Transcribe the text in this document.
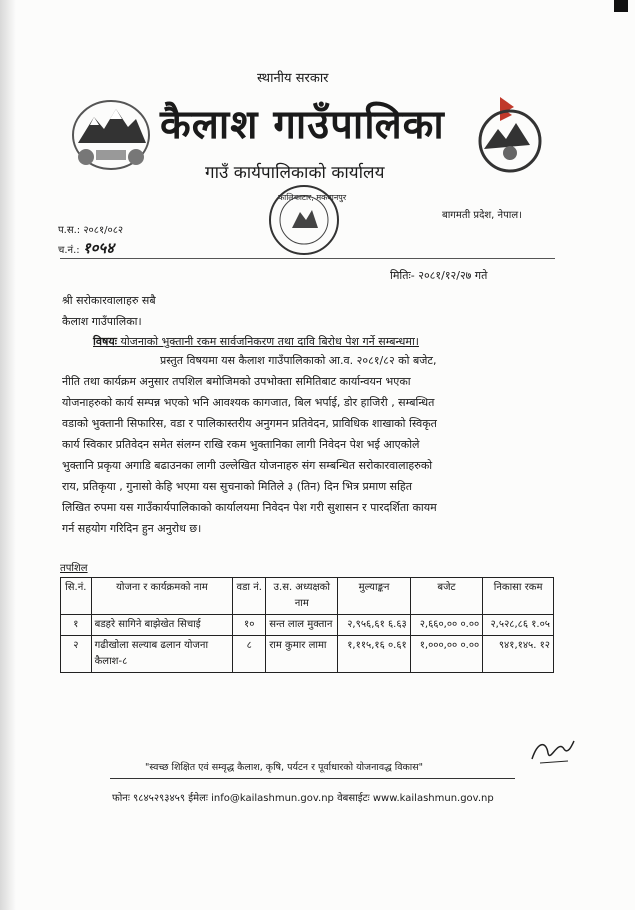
स्थानीय सरकार
कैलाश गाउँपालिका
गाउँ कार्यपालिकाको कार्यालय
कालिकाटार, मकवानपुर
बागमती प्रदेश, नेपाल।
प.स.: २०८१/०८२
च.नं.: १०५४
मितिः- २०८१/१२/२७ गते
श्री सरोकारवालाहरु सबै
कैलाश गाउँपालिका।
विषयः योजनाको भुक्तानी रकम सार्वजनिकरण तथा दावि बिरोध पेश गर्ने सम्बन्धमा।
प्रस्तुत विषयमा यस कैलाश गाउँपालिकाको आ.व. २०८१/८२ को बजेट,
नीति तथा कार्यक्रम अनुसार तपशिल बमोजिमको उपभोक्ता समितिबाट कार्यान्वयन भएका
योजनाहरुको कार्य सम्पन्न भएको भनि आवश्यक कागजात, बिल भर्पाई, डोर हाजिरी , सम्बन्धित
वडाको भुक्तानी सिफारिस, वडा र पालिकास्तरीय अनुगमन प्रतिवेदन, प्राविधिक शाखाको स्विकृत
कार्य स्विकार प्रतिवेदन समेत संलग्न राखि रकम भुक्तानिका लागी निवेदन पेश भई आएकोले
भुक्तानि प्रकृया अगाडि बढाउनका लागी उल्लेखित योजनाहरु संग सम्बन्धित सरोकारवालाहरुको
राय, प्रतिकृया , गुनासो केहि भएमा यस सुचनाको मितिले ३ (तिन) दिन भित्र प्रमाण सहित
लिखित रुपमा यस गाउँकार्यपालिकाको कार्यालयमा निवेदन पेश गरी सुशासन र पारदर्शिता कायम
गर्न सहयोग गरिदिन हुन अनुरोध छ।
तपशिल
सि.नं.	योजना र कार्यक्रमको नाम	वडा नं.	उ.स. अध्यक्षको नाम	मुल्याङ्कन	बजेट	निकासा रकम
१	बडहरे सागिने बाझेखेत सिचाई	१०	सन्त लाल मुक्तान	२,९५६,६१ ६.६३	२,६६०,०० ०.००	२,५२८,८६ १.०५
२	गढीखोला सल्याब ढलान योजना कैलाश-८	८	राम कुमार लामा	१,११५,१६ ०.६१	१,०००,०० ०.००	९४१,१४५. १२
"स्वच्छ शिक्षित एवं सम्वृद्ध कैलाश, कृषि, पर्यटन र पूर्वाधारको योजनावद्ध विकास"
फोनः ९८४५२९३४५९ ईमेलः info@kailashmun.gov.np वेबसाईटः www.kailashmun.gov.np
